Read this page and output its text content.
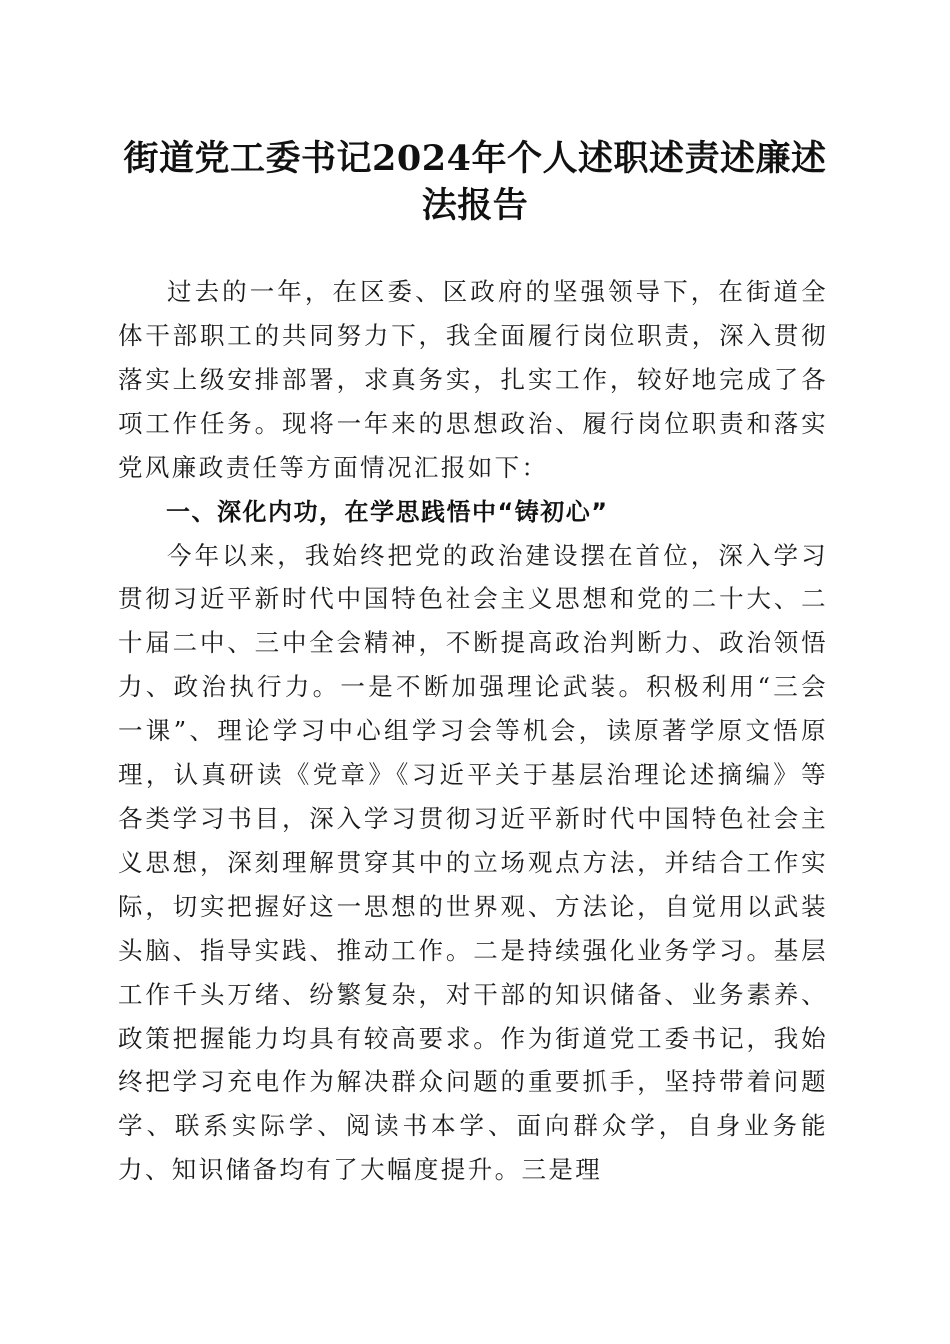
街道党工委书记2024年个人述职述责述廉述
法报告

过去的一年，在区委、区政府的坚强领导下，在街道全体干部职工的共同努力下，我全面履行岗位职责，深入贯彻落实上级安排部署，求真务实，扎实工作，较好地完成了各项工作任务。现将一年来的思想政治、履行岗位职责和落实党风廉政责任等方面情况汇报如下：

一、深化内功，在学思践悟中“铸初心”

今年以来，我始终把党的政治建设摆在首位，深入学习贯彻习近平新时代中国特色社会主义思想和党的二十大、二十届二中、三中全会精神，不断提高政治判断力、政治领悟力、政治执行力。一是不断加强理论武装。积极利用“三会一课”、理论学习中心组学习会等机会，读原著学原文悟原理，认真研读《党章》《习近平关于基层治理论述摘编》等各类学习书目，深入学习贯彻习近平新时代中国特色社会主义思想，深刻理解贯穿其中的立场观点方法，并结合工作实际，切实把握好这一思想的世界观、方法论，自觉用以武装头脑、指导实践、推动工作。二是持续强化业务学习。基层工作千头万绪、纷繁复杂，对干部的知识储备、业务素养、政策把握能力均具有较高要求。作为街道党工委书记，我始终把学习充电作为解决群众问题的重要抓手，坚持带着问题学、联系实际学、阅读书本学、面向群众学，自身业务能力、知识储备均有了大幅度提升。三是理
